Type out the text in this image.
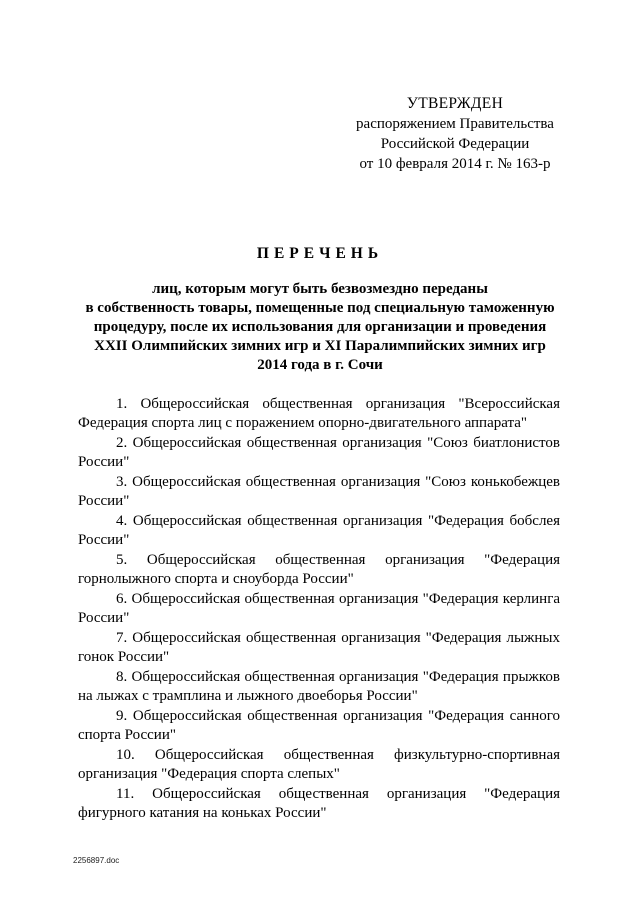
УТВЕРЖДЕН
распоряжением Правительства
Российской Федерации
от 10 февраля 2014 г. № 163-р
ПЕРЕЧЕНЬ
лиц, которым могут быть безвозмездно переданы
в собственность товары, помещенные под специальную таможенную
процедуру, после их использования для организации и проведения
XXII Олимпийских зимних игр и XI Паралимпийских зимних игр
2014 года в г. Сочи
1. Общероссийская общественная организация "Всероссийская Федерация спорта лиц с поражением опорно-двигательного аппарата"
2. Общероссийская общественная организация "Союз биатлонистов России"
3. Общероссийская общественная организация "Союз конькобежцев России"
4. Общероссийская общественная организация "Федерация бобслея России"
5. Общероссийская общественная организация "Федерация горнолыжного спорта и сноуборда России"
6. Общероссийская общественная организация "Федерация керлинга России"
7. Общероссийская общественная организация "Федерация лыжных гонок России"
8. Общероссийская общественная организация "Федерация прыжков на лыжах с трамплина и лыжного двоеборья России"
9. Общероссийская общественная организация "Федерация санного спорта России"
10. Общероссийская общественная физкультурно-спортивная организация "Федерация спорта слепых"
11. Общероссийская общественная организация "Федерация фигурного катания на коньках России"
2256897.doc
